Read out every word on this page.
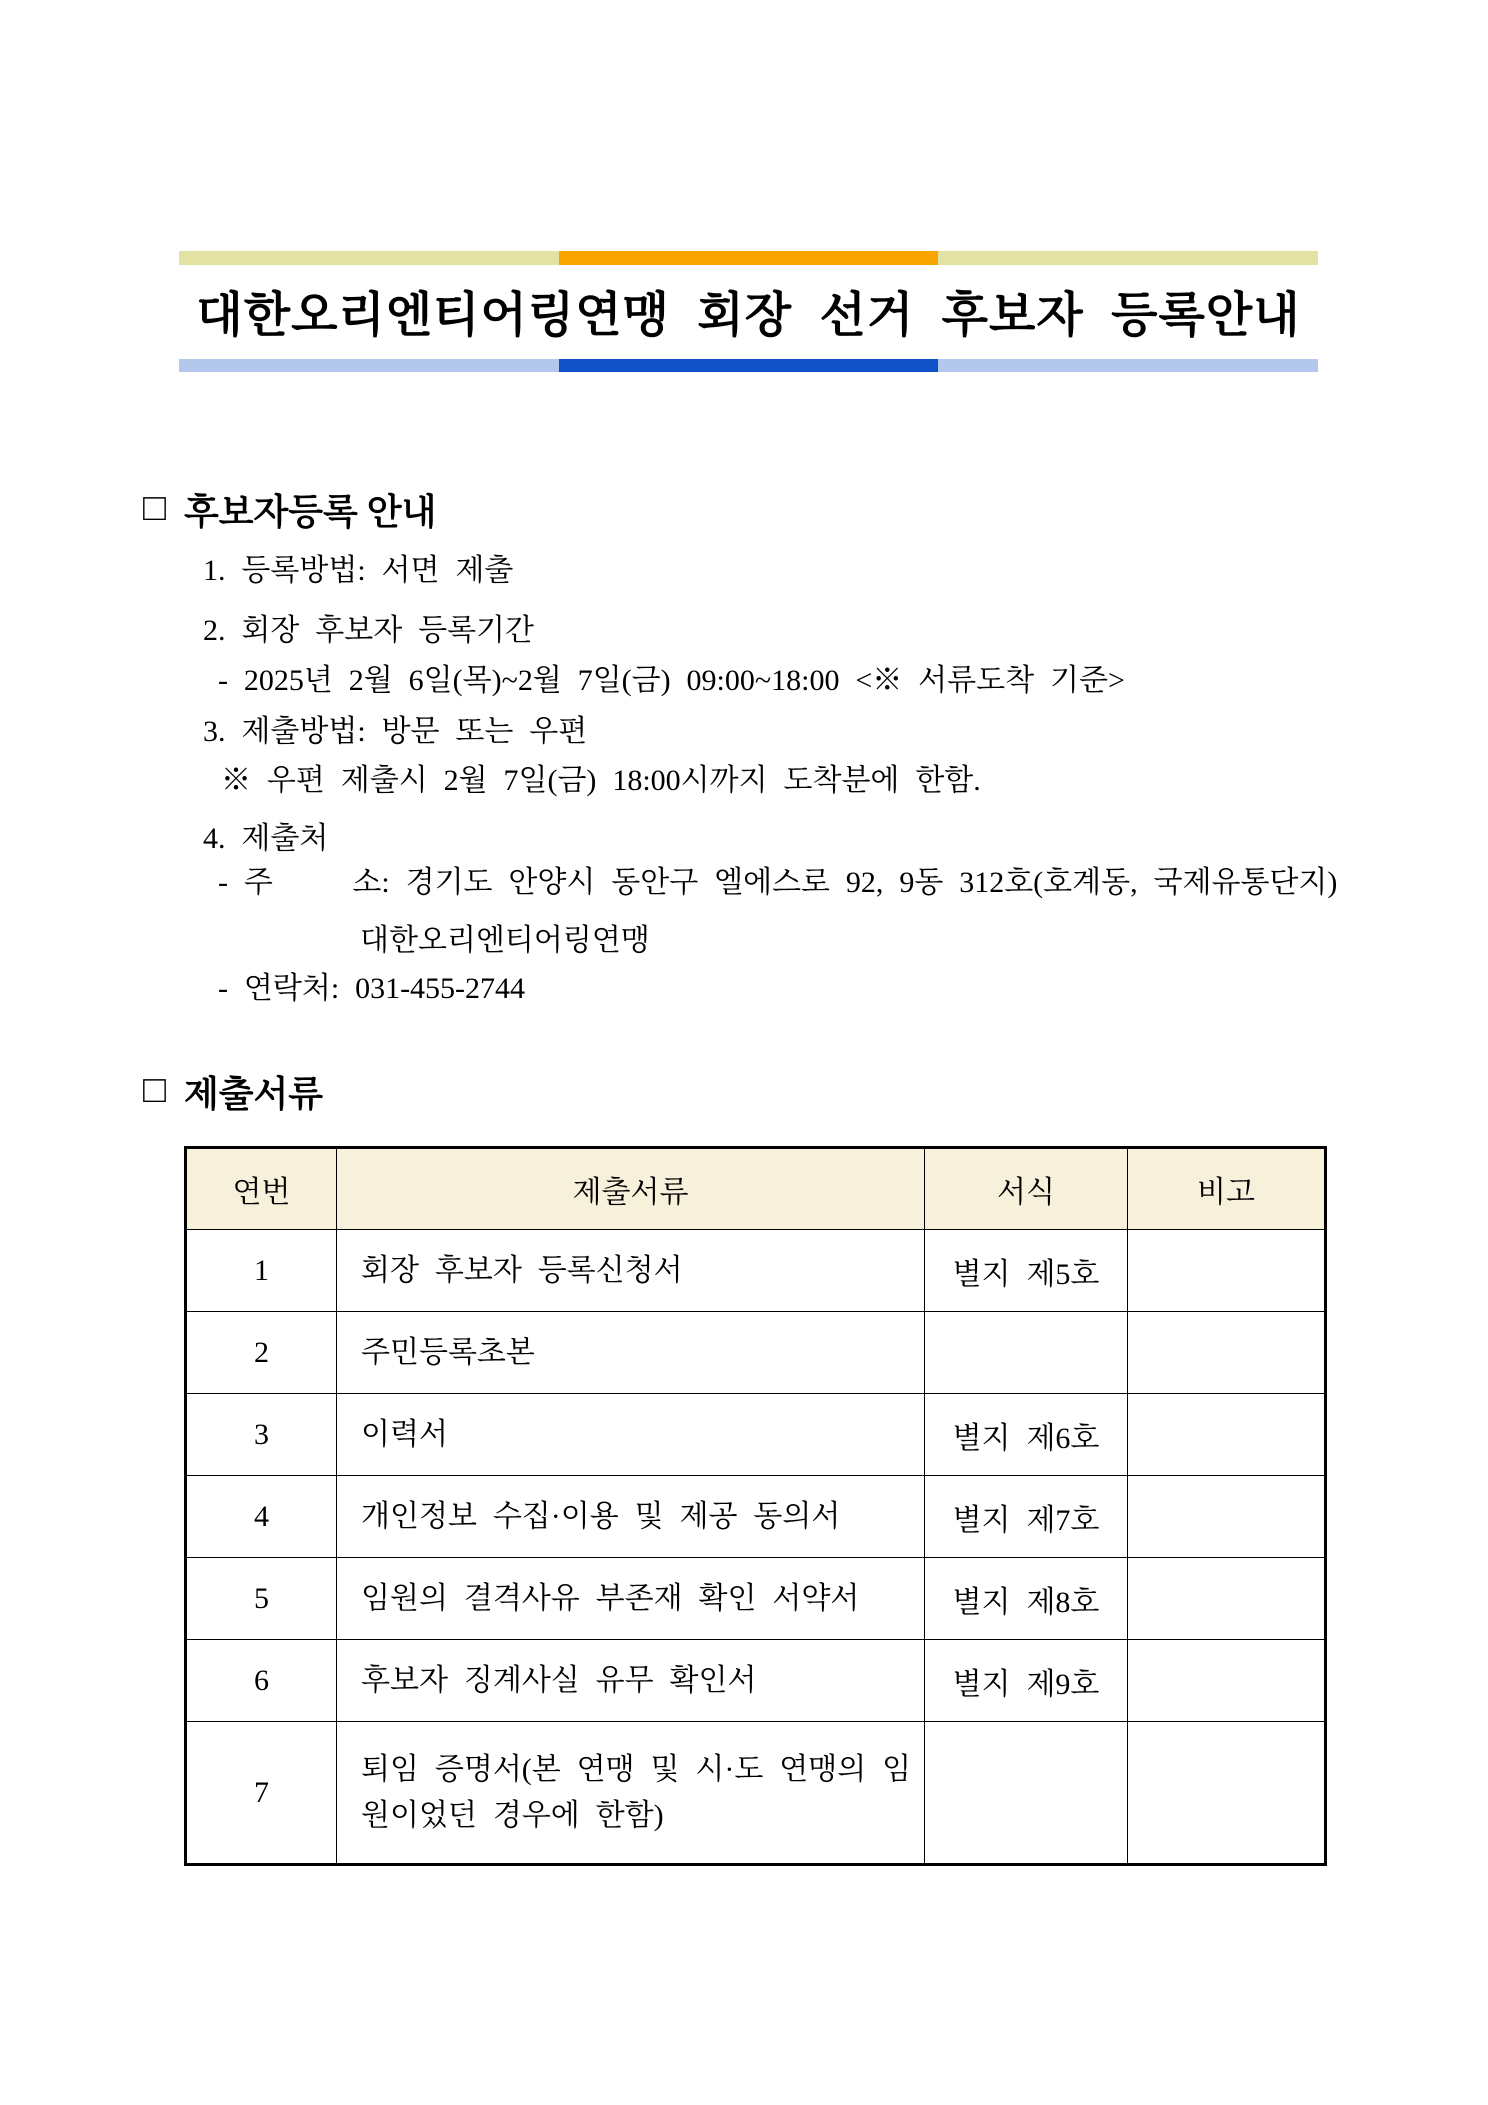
대한오리엔티어링연맹 회장 선거 후보자 등록안내
□ 후보자등록 안내
1. 등록방법: 서면 제출
2. 회장 후보자 등록기간
- 2025년 2월 6일(목)~2월 7일(금) 09:00~18:00 <※ 서류도착 기준>
3. 제출방법: 방문 또는 우편
※ 우편 제출시 2월 7일(금) 18:00시까지 도착분에 한함.
4. 제출처
- 주     소: 경기도 안양시 동안구 엘에스로 92, 9동 312호(호계동, 국제유통단지)
대한오리엔티어링연맹
- 연락처: 031-455-2744
□ 제출서류
연번	제출서류	서식	비고
1	회장 후보자 등록신청서	별지 제5호	
2	주민등록초본		
3	이력서	별지 제6호	
4	개인정보 수집·이용 및 제공 동의서	별지 제7호	
5	임원의 결격사유 부존재 확인 서약서	별지 제8호	
6	후보자 징계사실 유무 확인서	별지 제9호	
7	퇴임 증명서(본 연맹 및 시·도 연맹의 임원이었던 경우에 한함)		
